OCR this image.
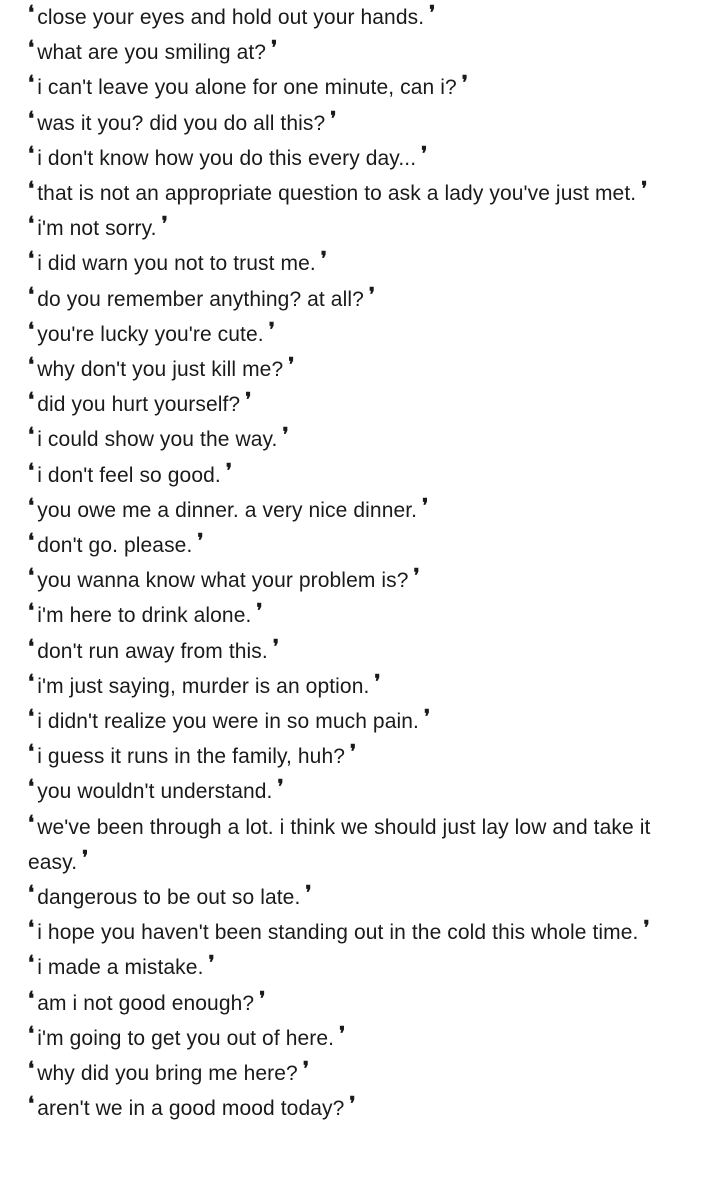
❛ close your eyes and hold out your hands. ❜
❛ what are you smiling at? ❜
❛ i can't leave you alone for one minute, can i? ❜
❛ was it you? did you do all this? ❜
❛ i don't know how you do this every day... ❜
❛ that is not an appropriate question to ask a lady you've just met. ❜
❛ i'm not sorry. ❜
❛ i did warn you not to trust me. ❜
❛ do you remember anything? at all? ❜
❛ you're lucky you're cute. ❜
❛ why don't you just kill me? ❜
❛ did you hurt yourself? ❜
❛ i could show you the way. ❜
❛ i don't feel so good. ❜
❛ you owe me a dinner. a very nice dinner. ❜
❛ don't go. please. ❜
❛ you wanna know what your problem is? ❜
❛ i'm here to drink alone. ❜
❛ don't run away from this. ❜
❛ i'm just saying, murder is an option. ❜
❛ i didn't realize you were in so much pain. ❜
❛ i guess it runs in the family, huh? ❜
❛ you wouldn't understand. ❜
❛ we've been through a lot. i think we should just lay low and take it easy. ❜
❛ dangerous to be out so late. ❜
❛ i hope you haven't been standing out in the cold this whole time. ❜
❛ i made a mistake. ❜
❛ am i not good enough? ❜
❛ i'm going to get you out of here. ❜
❛ why did you bring me here? ❜
❛ aren't we in a good mood today? ❜
